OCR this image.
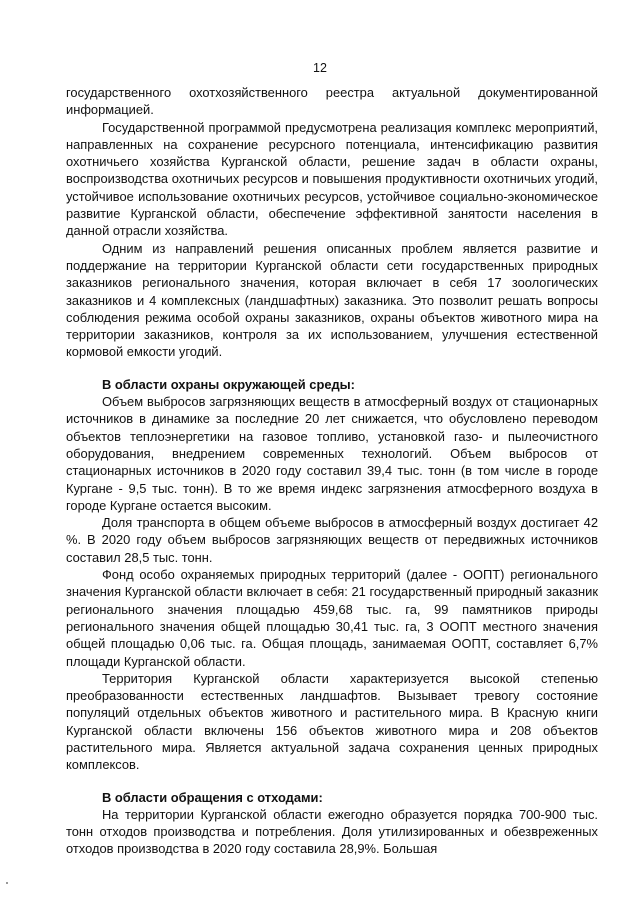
12

государственного охотхозяйственного реестра актуальной документированной информацией.

Государственной программой предусмотрена реализация комплекс мероприятий, направленных на сохранение ресурсного потенциала, интенсификацию развития охотничьего хозяйства Курганской области, решение задач в области охраны, воспроизводства охотничьих ресурсов и повышения продуктивности охотничьих угодий, устойчивое использование охотничьих ресурсов, устойчивое социально-экономическое развитие Курганской области, обеспечение эффективной занятости населения в данной отрасли хозяйства.

Одним из направлений решения описанных проблем является развитие и поддержание на территории Курганской области сети государственных природных заказников регионального значения, которая включает в себя 17 зоологических заказников и 4 комплексных (ландшафтных) заказника. Это позволит решать вопросы соблюдения режима особой охраны заказников, охраны объектов животного мира на территории заказников, контроля за их использованием, улучшения естественной кормовой емкости угодий.

В области охраны окружающей среды:

Объем выбросов загрязняющих веществ в атмосферный воздух от стационарных источников в динамике за последние 20 лет снижается, что обусловлено переводом объектов теплоэнергетики на газовое топливо, установкой газо- и пылеочистного оборудования, внедрением современных технологий. Объем выбросов от стационарных источников в 2020 году составил 39,4 тыс. тонн (в том числе в городе Кургане - 9,5 тыс. тонн). В то же время индекс загрязнения атмосферного воздуха в городе Кургане остается высоким.

Доля транспорта в общем объеме выбросов в атмосферный воздух достигает 42 %. В 2020 году объем выбросов загрязняющих веществ от передвижных источников составил 28,5 тыс. тонн.

Фонд особо охраняемых природных территорий (далее - ООПТ) регионального значения Курганской области включает в себя: 21 государственный природный заказник регионального значения площадью 459,68 тыс. га, 99 памятников природы регионального значения общей площадью 30,41 тыс. га, 3 ООПТ местного значения общей площадью 0,06 тыс. га. Общая площадь, занимаемая ООПТ, составляет 6,7% площади Курганской области.

Территория Курганской области характеризуется высокой степенью преобразованности естественных ландшафтов. Вызывает тревогу состояние популяций отдельных объектов животного и растительного мира. В Красную книги Курганской области включены 156 объектов животного мира и 208 объектов растительного мира. Является актуальной задача сохранения ценных природных комплексов.

В области обращения с отходами:

На территории Курганской области ежегодно образуется порядка 700-900 тыс. тонн отходов производства и потребления. Доля утилизированных и обезвреженных отходов производства в 2020 году составила 28,9%. Большая
